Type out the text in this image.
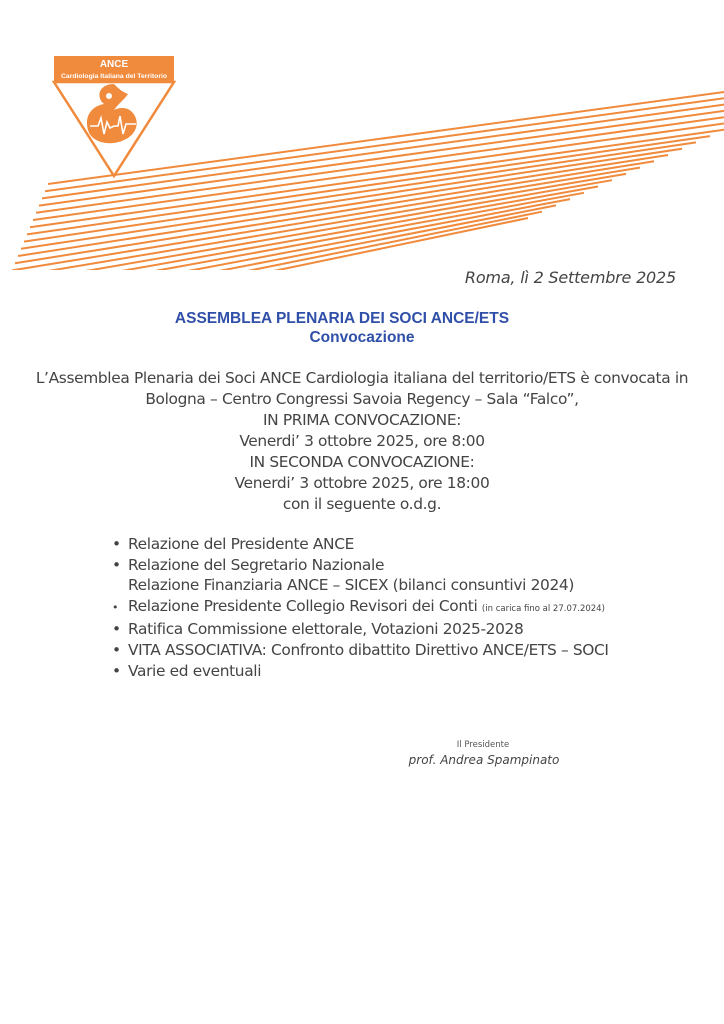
ANCE
Cardiologia Italiana del Territorio
Roma, lì 2 Settembre 2025
ASSEMBLEA PLENARIA DEI SOCI ANCE/ETS
Convocazione
L’Assemblea Plenaria dei Soci ANCE Cardiologia italiana del territorio/ETS è convocata in
Bologna – Centro Congressi Savoia Regency – Sala “Falco”,
IN PRIMA CONVOCAZIONE:
Venerdi’ 3 ottobre 2025, ore 8:00
IN SECONDA CONVOCAZIONE:
Venerdi’ 3 ottobre 2025, ore 18:00
con il seguente o.d.g.
• Relazione del Presidente ANCE
• Relazione del Segretario Nazionale
Relazione Finanziaria ANCE – SICEX (bilanci consuntivi 2024)
• Relazione Presidente Collegio Revisori dei Conti (in carica fino al 27.07.2024)
• Ratifica Commissione elettorale, Votazioni 2025-2028
• VITA ASSOCIATIVA: Confronto dibattito Direttivo ANCE/ETS – SOCI
• Varie ed eventuali
Il Presidente
prof. Andrea Spampinato
